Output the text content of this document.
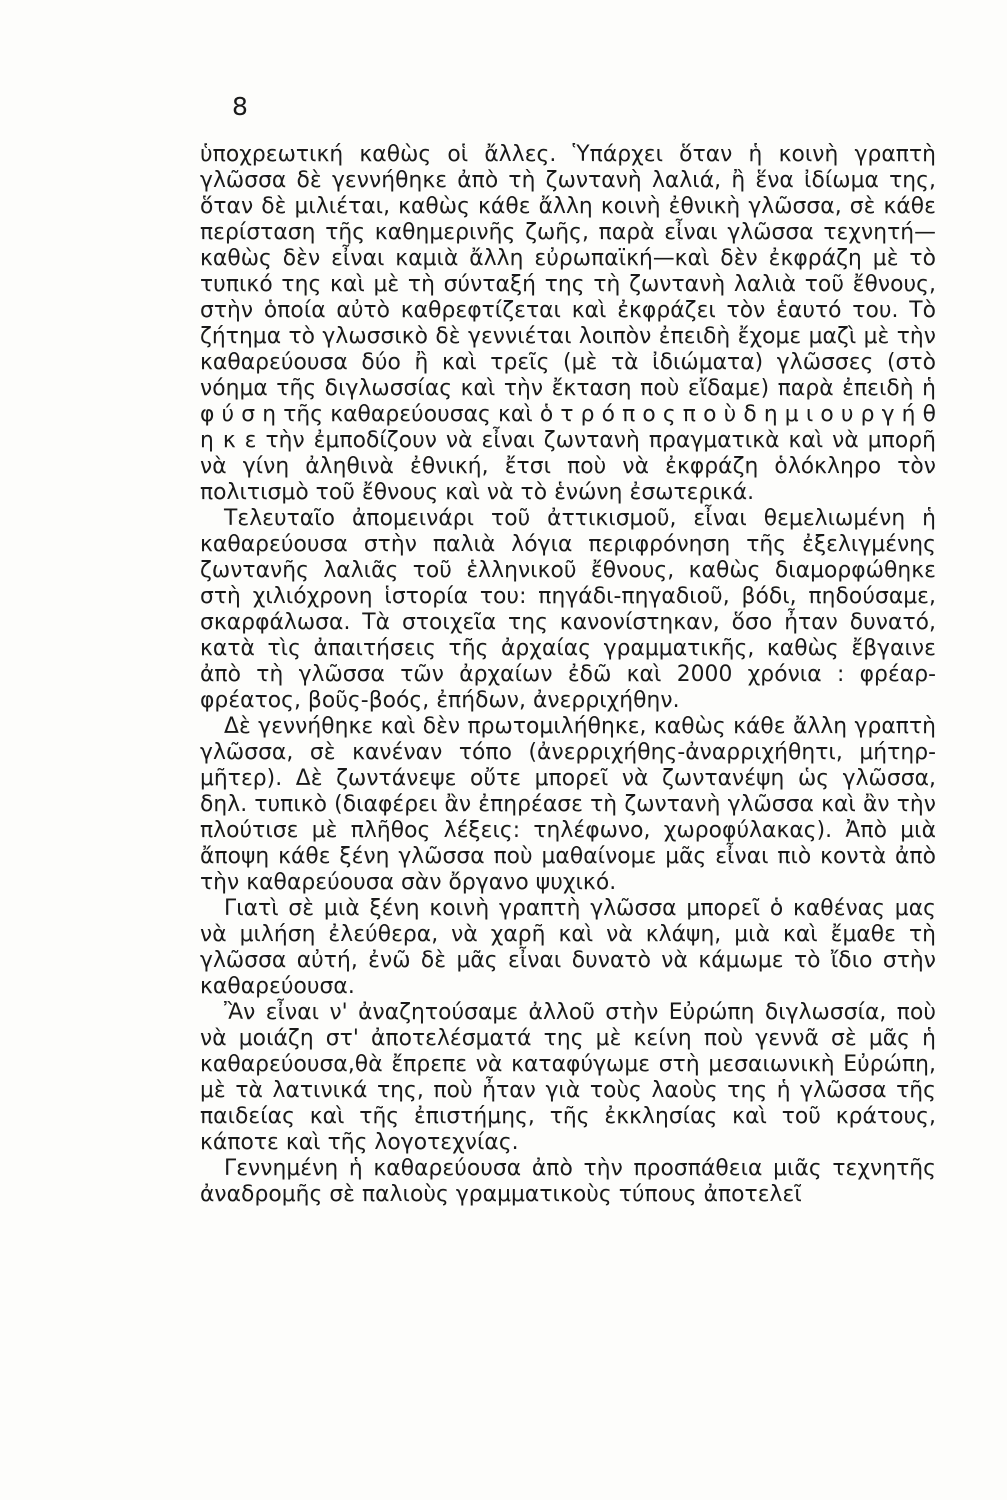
8

ὑποχρεωτική καθὼς οἱ ἄλλες. Ὑπάρχει ὅταν ἡ κοινὴ γραπτὴ γλῶσσα δὲ γεννήθηκε ἀπὸ τὴ ζωντανὴ λαλιά, ἢ ἕνα ἰδίωμα της, ὅταν δὲ μιλιέται, καθὼς κάθε ἄλλη κοινὴ ἐθνικὴ γλῶσσα, σὲ κάθε περίσταση τῆς καθημερινῆς ζωῆς, παρὰ εἶναι γλῶσσα τεχνητή—καθὼς δὲν εἶναι καμιὰ ἄλλη εὐρωπαϊκή—καὶ δὲν ἐκφράζη μὲ τὸ τυπικό της καὶ μὲ τὴ σύνταξή της τὴ ζωντανὴ λαλιὰ τοῦ ἔθνους, στὴν ὁποία αὐτὸ καθρεφτίζεται καὶ ἐκφράζει τὸν ἑαυτό του. Τὸ ζήτημα τὸ γλωσσικὸ δὲ γεννιέται λοιπὸν ἐπειδὴ ἔχομε μαζὶ μὲ τὴν καθαρεύουσα δύο ἢ καὶ τρεῖς (μὲ τὰ ἰδιώματα) γλῶσσες (στὸ νόημα τῆς διγλωσσίας καὶ τὴν ἔκταση ποὺ εἴδαμε) παρὰ ἐπειδὴ ἡ φ ύ σ η τῆς καθαρεύουσας καὶ ὁ τ ρ ό π ο ς π ο ὺ δ η μ ι ο υ ρ γ ή θ η κ ε τὴν ἐμποδίζουν νὰ εἶναι ζωντανὴ πραγματικὰ καὶ νὰ μπορῆ νὰ γίνη ἀληθινὰ ἐθνική, ἔτσι ποὺ νὰ ἐκφράζη ὁλόκληρο τὸν πολιτισμὸ τοῦ ἔθνους καὶ νὰ τὸ ἑνώνη ἐσωτερικά.

Τελευταῖο ἀπομεινάρι τοῦ ἀττικισμοῦ, εἶναι θεμελιωμένη ἡ καθαρεύουσα στὴν παλιὰ λόγια περιφρόνηση τῆς ἐξελιγμένης ζωντανῆς λαλιᾶς τοῦ ἑλληνικοῦ ἔθνους, καθὼς διαμορφώθηκε στὴ χιλιόχρονη ἱστορία του: πηγάδι-πηγαδιοῦ, βόδι, πηδούσαμε, σκαρφάλωσα. Τὰ στοιχεῖα της κανονίστηκαν, ὅσο ἦταν δυνατό, κατὰ τὶς ἀπαιτήσεις τῆς ἀρχαίας γραμματικῆς, καθὼς ἔβγαινε ἀπὸ τὴ γλῶσσα τῶν ἀρχαίων ἐδῶ καὶ 2000 χρόνια : φρέαρ-φρέατος, βοῦς-βοός, ἐπήδων, ἀνερριχήθην.

Δὲ γεννήθηκε καὶ δὲν πρωτομιλήθηκε, καθὼς κάθε ἄλλη γραπτὴ γλῶσσα, σὲ κανέναν τόπο (ἀνερριχήθης-ἀναρριχήθητι, μήτηρ-μῆτερ). Δὲ ζωντάνεψε οὔτε μπορεῖ νὰ ζωντανέψη ὡς γλῶσσα, δηλ. τυπικὸ (διαφέρει ἂν ἐπηρέασε τὴ ζωντανὴ γλῶσσα καὶ ἂν τὴν πλούτισε μὲ πλῆθος λέξεις: τηλέφωνο, χωροφύλακας). Ἀπὸ μιὰ ἄποψη κάθε ξένη γλῶσσα ποὺ μαθαίνομε μᾶς εἶναι πιὸ κοντὰ ἀπὸ τὴν καθαρεύουσα σὰν ὄργανο ψυχικό.

Γιατὶ σὲ μιὰ ξένη κοινὴ γραπτὴ γλῶσσα μπορεῖ ὁ καθένας μας νὰ μιλήση ἐλεύθερα, νὰ χαρῆ καὶ νὰ κλάψη, μιὰ καὶ ἔμαθε τὴ γλῶσσα αὐτή, ἐνῶ δὲ μᾶς εἶναι δυνατὸ νὰ κάμωμε τὸ ἴδιο στὴν καθαρεύουσα.

Ἂν εἶναι ν' ἀναζητούσαμε ἀλλοῦ στὴν Εὐρώπη διγλωσσία, ποὺ νὰ μοιάζη στ' ἀποτελέσματά της μὲ κείνη ποὺ γεννᾶ σὲ μᾶς ἡ καθαρεύουσα,θὰ ἔπρεπε νὰ καταφύγωμε στὴ μεσαιωνικὴ Εὐρώπη, μὲ τὰ λατινικά της, ποὺ ἦταν γιὰ τοὺς λαοὺς της ἡ γλῶσσα τῆς παιδείας καὶ τῆς ἐπιστήμης, τῆς ἐκκλησίας καὶ τοῦ κράτους, κάποτε καὶ τῆς λογοτεχνίας.

Γεννημένη ἡ καθαρεύουσα ἀπὸ τὴν προσπάθεια μιᾶς τεχνητῆς ἀναδρομῆς σὲ παλιοὺς γραμματικοὺς τύπους ἀποτελεῖ
